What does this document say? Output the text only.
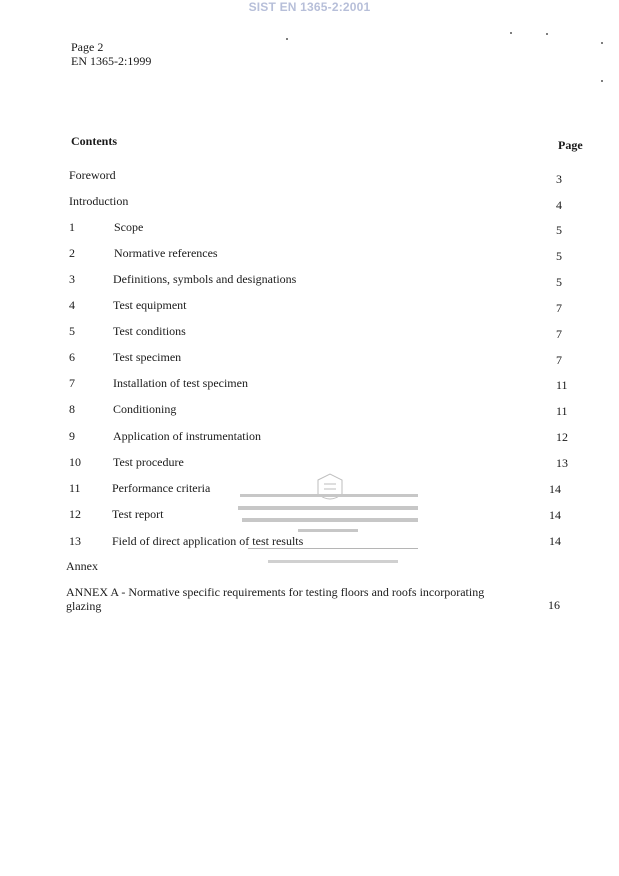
SIST EN 1365-2:2001
Page 2
EN 1365-2:1999
Contents	Page
Foreword	3
Introduction	4
1	Scope	5
2	Normative references	5
3	Definitions, symbols and designations	5
4	Test equipment	7
5	Test conditions	7
6	Test specimen	7
7	Installation of test specimen	11
8	Conditioning	11
9	Application of instrumentation	12
10	Test procedure	13
11	Performance criteria	14
12	Test report	14
13	Field of direct application of test results	14
Annex
ANNEX A - Normative specific requirements for testing floors and roofs incorporating glazing	16
